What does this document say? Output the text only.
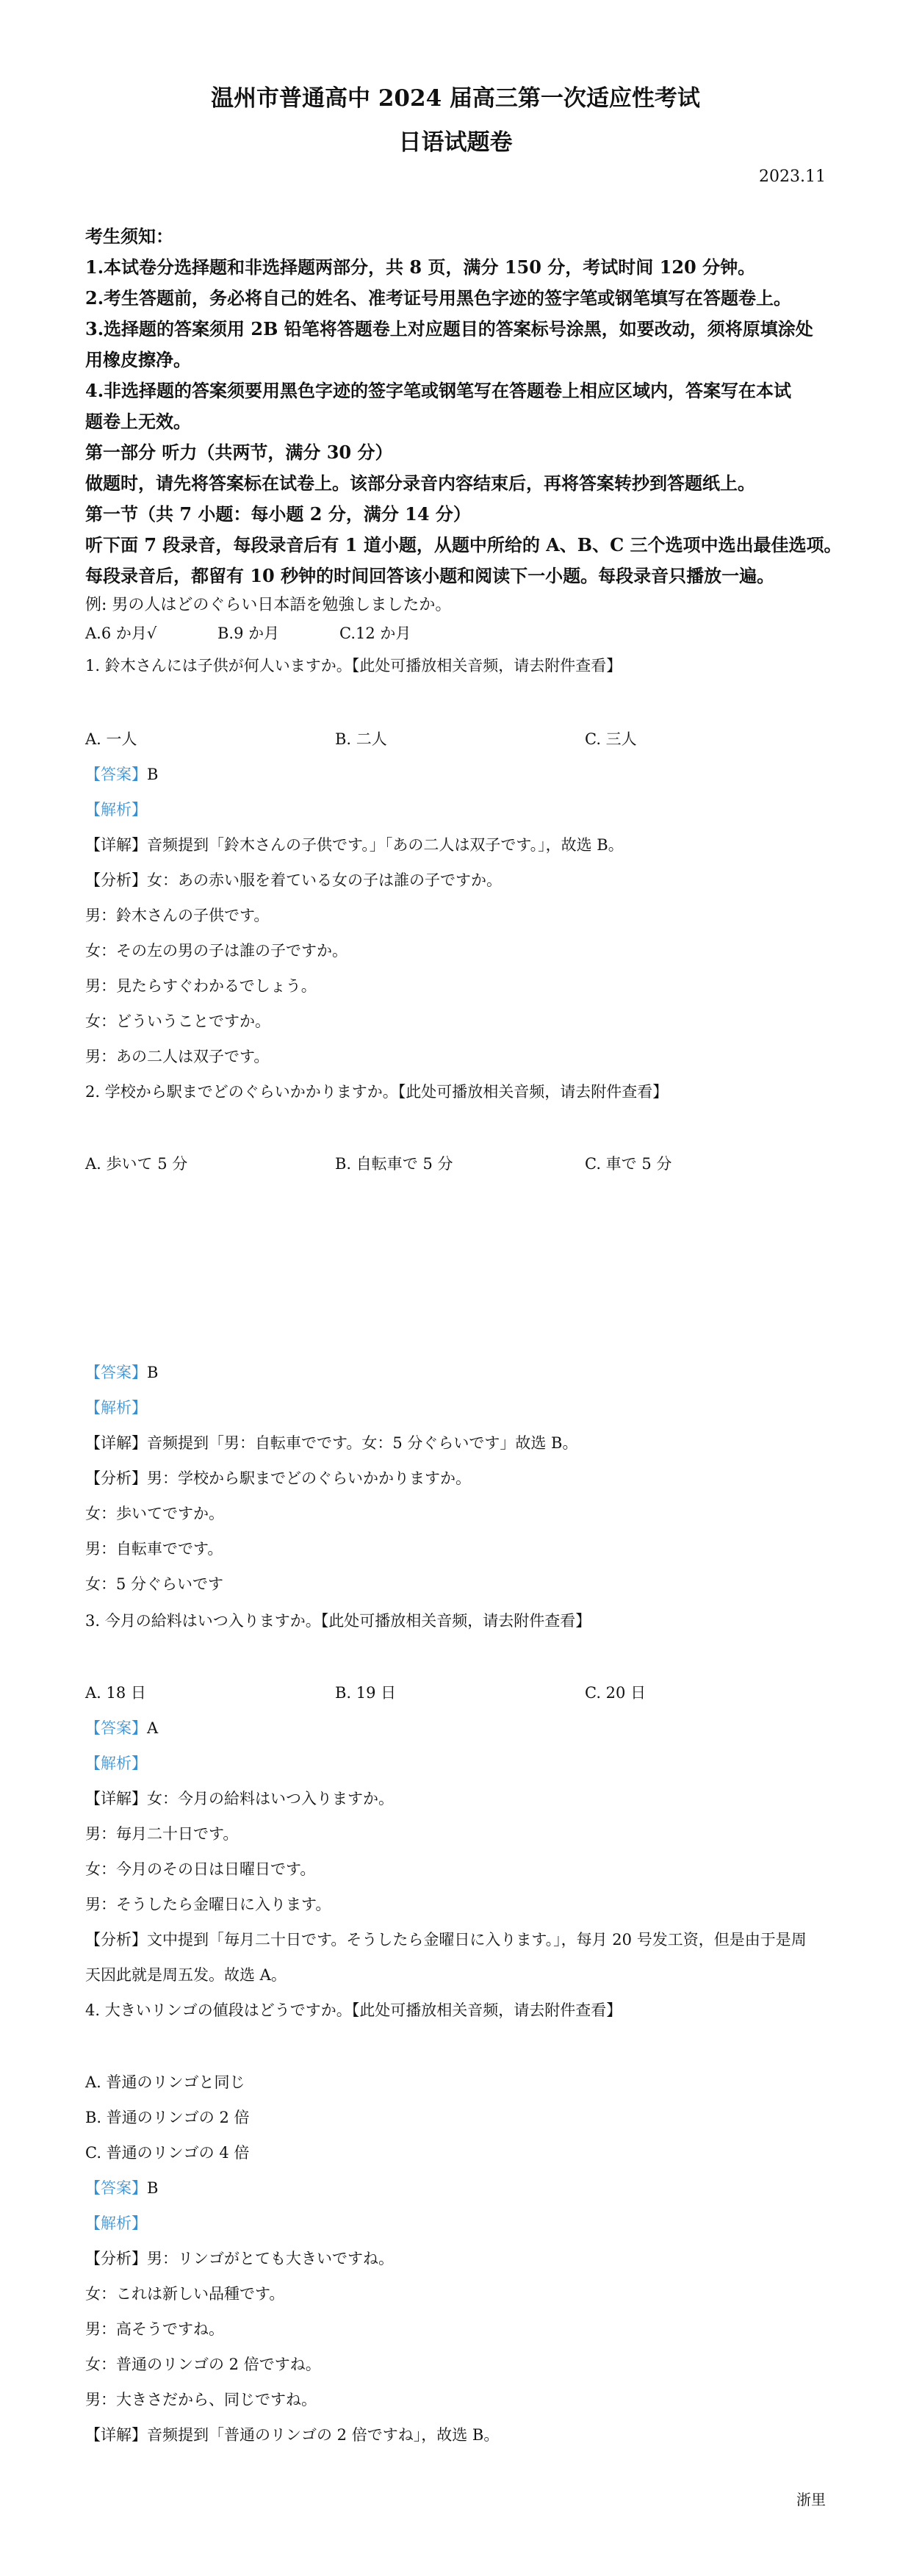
温州市普通高中 2024 届高三第一次适应性考试
日语试题卷
2023.11
考生须知：
1.本试卷分选择题和非选择题两部分，共 8 页，满分 150 分，考试时间 120 分钟。
2.考生答题前，务必将自己的姓名、准考证号用黑色字迹的签字笔或钢笔填写在答题卷上。
3.选择题的答案须用 2B 铅笔将答题卷上对应题目的答案标号涂黑，如要改动，须将原填涂处
用橡皮擦净。
4.非选择题的答案须要用黑色字迹的签字笔或钢笔写在答题卷上相应区域内，答案写在本试
题卷上无效。
第一部分 听力（共两节，满分 30 分）
做题时，请先将答案标在试卷上。该部分录音内容结束后，再将答案转抄到答题纸上。
第一节（共 7 小题：每小题 2 分，满分 14 分）
听下面 7 段录音，每段录音后有 1 道小题，从题中所给的 A、B、C 三个选项中选出最佳选项。
每段录音后，都留有 10 秒钟的时间回答该小题和阅读下一小题。每段录音只播放一遍。
例: 男の人はどのぐらい日本語を勉強しましたか。
A.6 か月√	B.9 か月	C.12 か月
1. 鈴木さんには子供が何人いますか。【此处可播放相关音频，请去附件查看】
A. 一人	B. 二人	C. 三人
【答案】B
【解析】
【详解】音频提到「鈴木さんの子供です。」「あの二人は双子です。」，故选 B。
【分析】女：あの赤い服を着ている女の子は誰の子ですか。
男：鈴木さんの子供です。
女：その左の男の子は誰の子ですか。
男：見たらすぐわかるでしょう。
女：どういうことですか。
男：あの二人は双子です。
2. 学校から駅までどのぐらいかかりますか。【此处可播放相关音频，请去附件查看】
A. 歩いて 5 分	B. 自転車で 5 分	C. 車で 5 分
【答案】B
【解析】
【详解】音频提到「男：自転車でです。女：5 分ぐらいです」故选 B。
【分析】男：学校から駅までどのぐらいかかりますか。
女：歩いてですか。
男：自転車でです。
女：5 分ぐらいです
3. 今月の給料はいつ入りますか。【此处可播放相关音频，请去附件查看】
A. 18 日	B. 19 日	C. 20 日
【答案】A
【解析】
【详解】女：今月の給料はいつ入りますか。
男：毎月二十日です。
女：今月のその日は日曜日です。
男：そうしたら金曜日に入ります。
【分析】文中提到「毎月二十日です。そうしたら金曜日に入ります。」，每月 20 号发工资，但是由于是周
天因此就是周五发。故选 A。
4. 大きいリンゴの値段はどうですか。【此处可播放相关音频，请去附件查看】
A. 普通のリンゴと同じ
B. 普通のリンゴの 2 倍
C. 普通のリンゴの 4 倍
【答案】B
【解析】
【分析】男：リンゴがとても大きいですね。
女：これは新しい品種です。
男：高そうですね。
女：普通のリンゴの 2 倍ですね。
男：大きさだから、同じですね。
【详解】音频提到「普通のリンゴの 2 倍ですね」，故选 B。
浙里
